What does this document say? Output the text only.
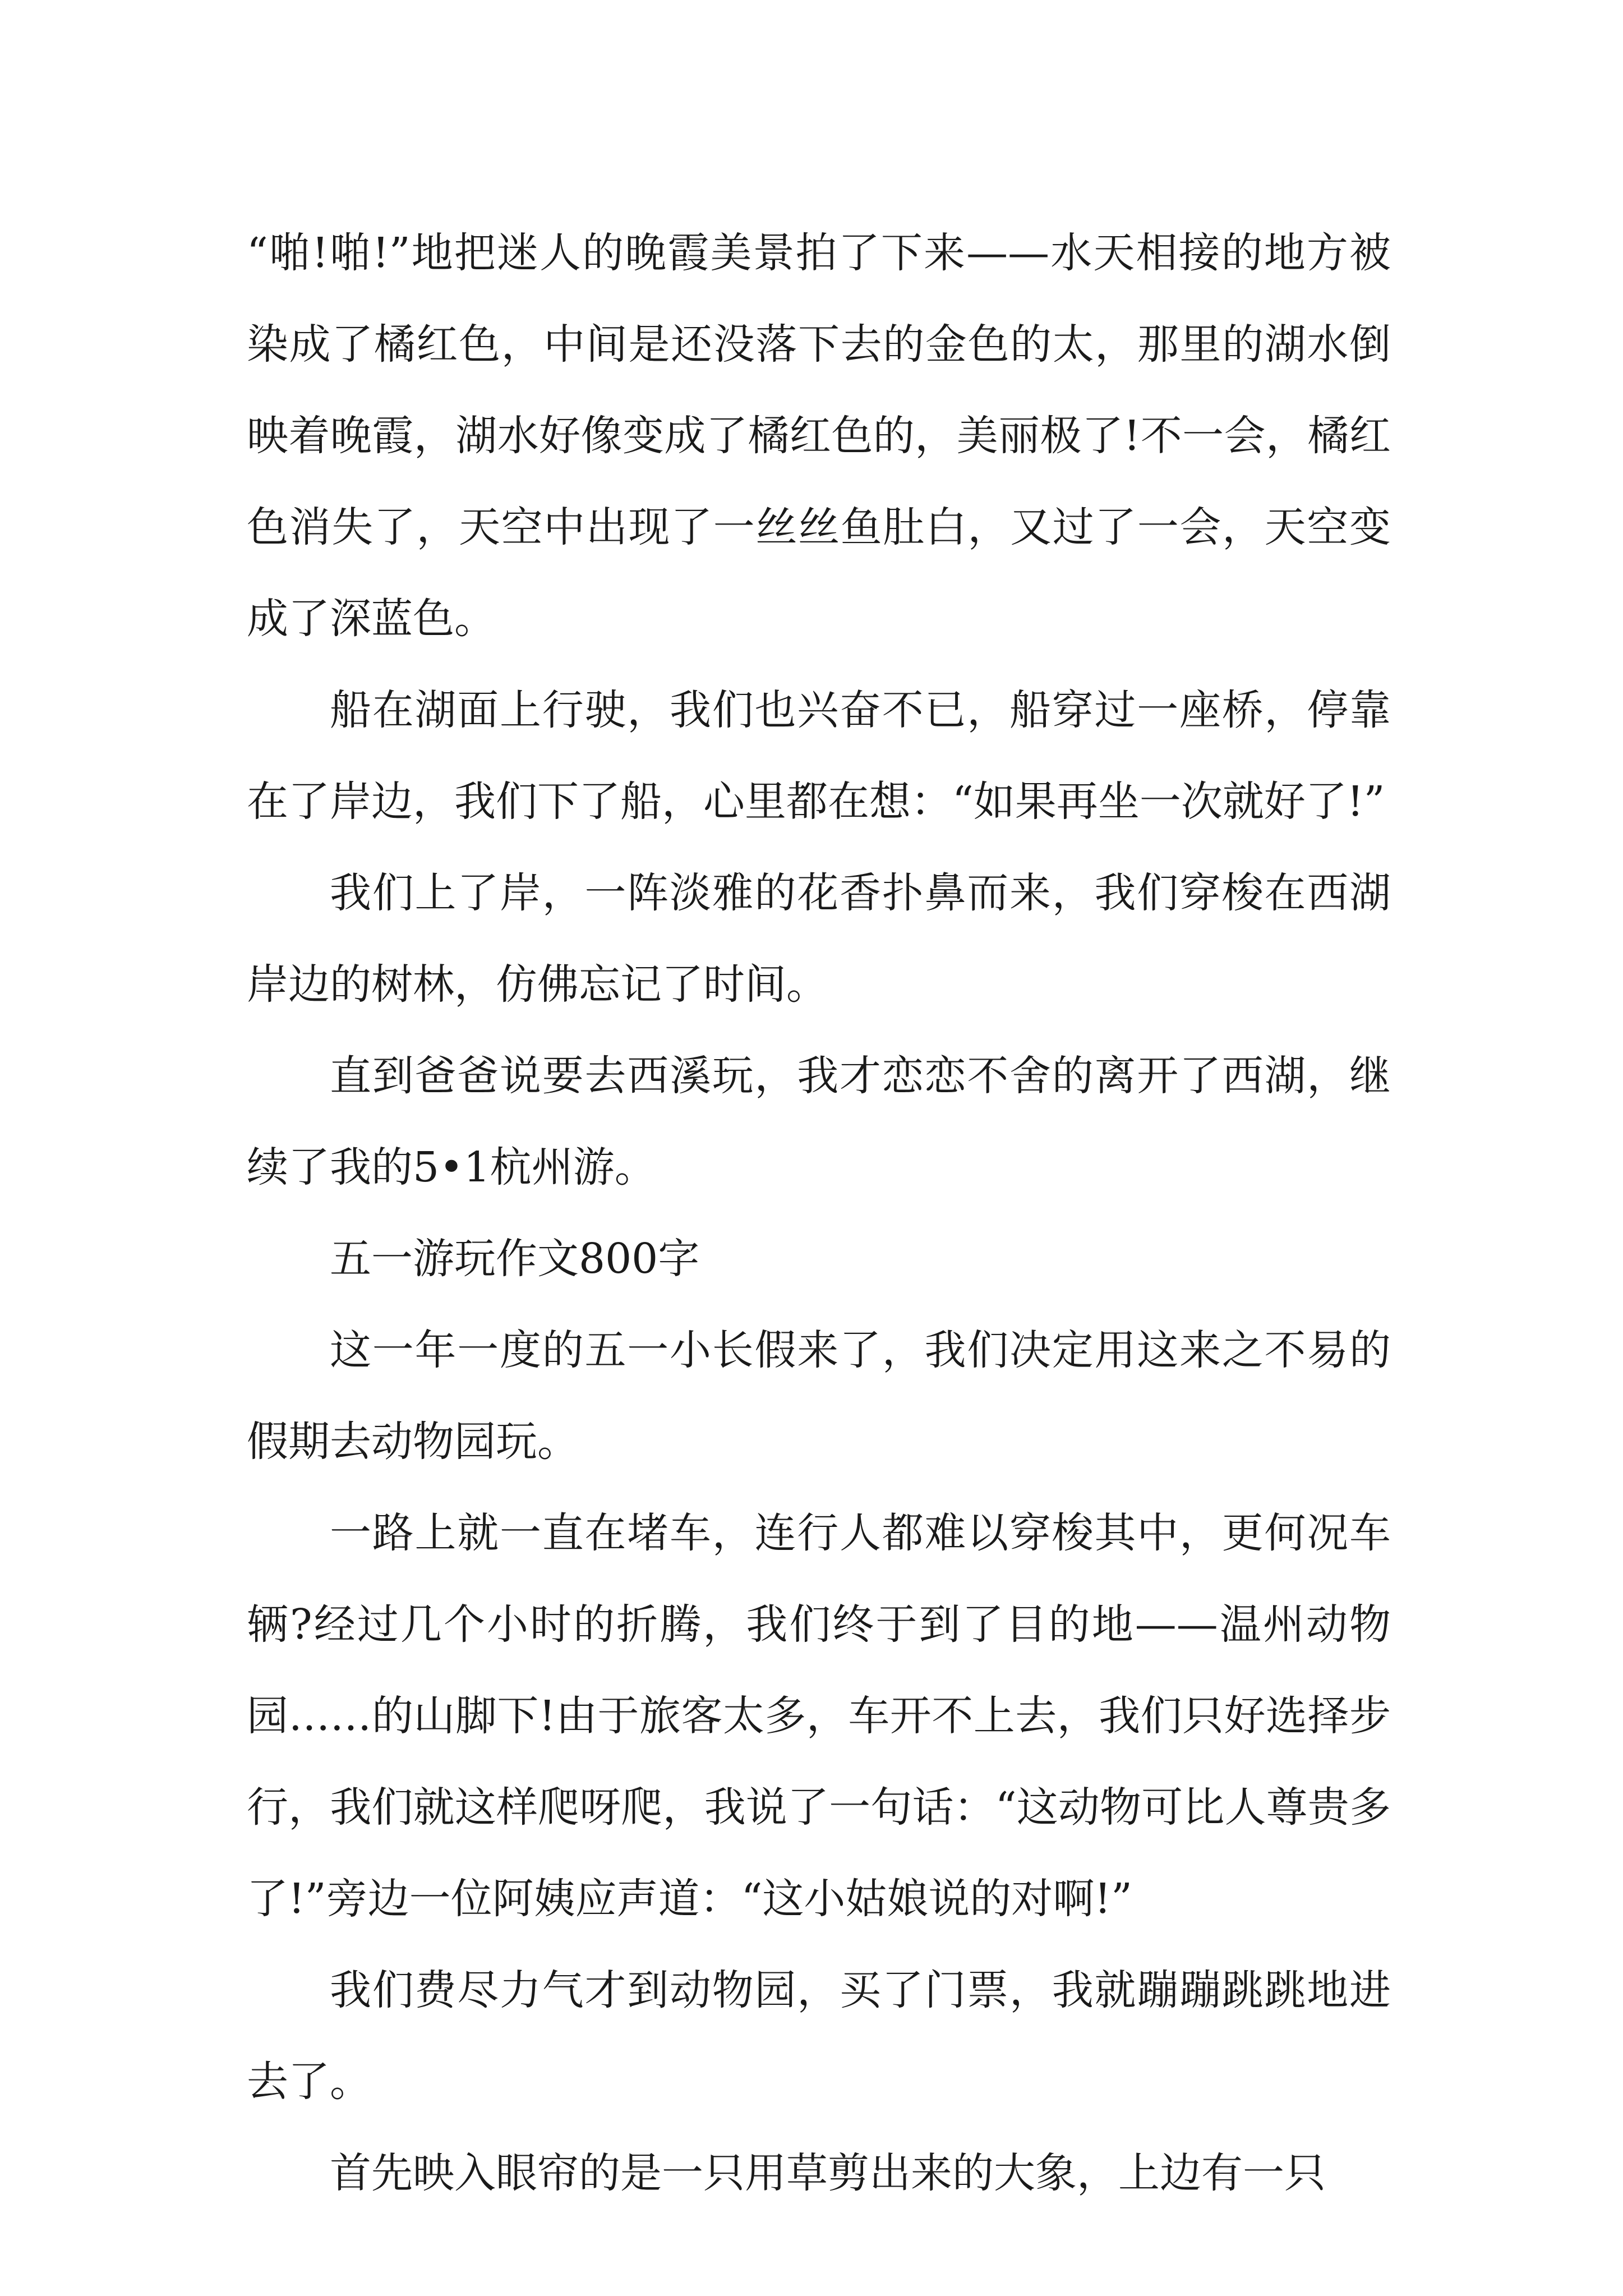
“啪!啪!”地把迷人的晚霞美景拍了下来——水天相接的地方被染成了橘红色，中间是还没落下去的金色的太，那里的湖水倒映着晚霞，湖水好像变成了橘红色的，美丽极了!不一会，橘红色消失了，天空中出现了一丝丝鱼肚白，又过了一会，天空变成了深蓝色。

船在湖面上行驶，我们也兴奋不已，船穿过一座桥，停靠在了岸边，我们下了船，心里都在想：“如果再坐一次就好了!”

我们上了岸，一阵淡雅的花香扑鼻而来，我们穿梭在西湖岸边的树林，仿佛忘记了时间。

直到爸爸说要去西溪玩，我才恋恋不舍的离开了西湖，继续了我的5•1杭州游。

五一游玩作文800字

这一年一度的五一小长假来了，我们决定用这来之不易的假期去动物园玩。

一路上就一直在堵车，连行人都难以穿梭其中，更何况车辆?经过几个小时的折腾，我们终于到了目的地——温州动物园……的山脚下!由于旅客太多，车开不上去，我们只好选择步行，我们就这样爬呀爬，我说了一句话：“这动物可比人尊贵多了!”旁边一位阿姨应声道：“这小姑娘说的对啊!”

我们费尽力气才到动物园，买了门票，我就蹦蹦跳跳地进去了。

首先映入眼帘的是一只用草剪出来的大象，上边有一只
